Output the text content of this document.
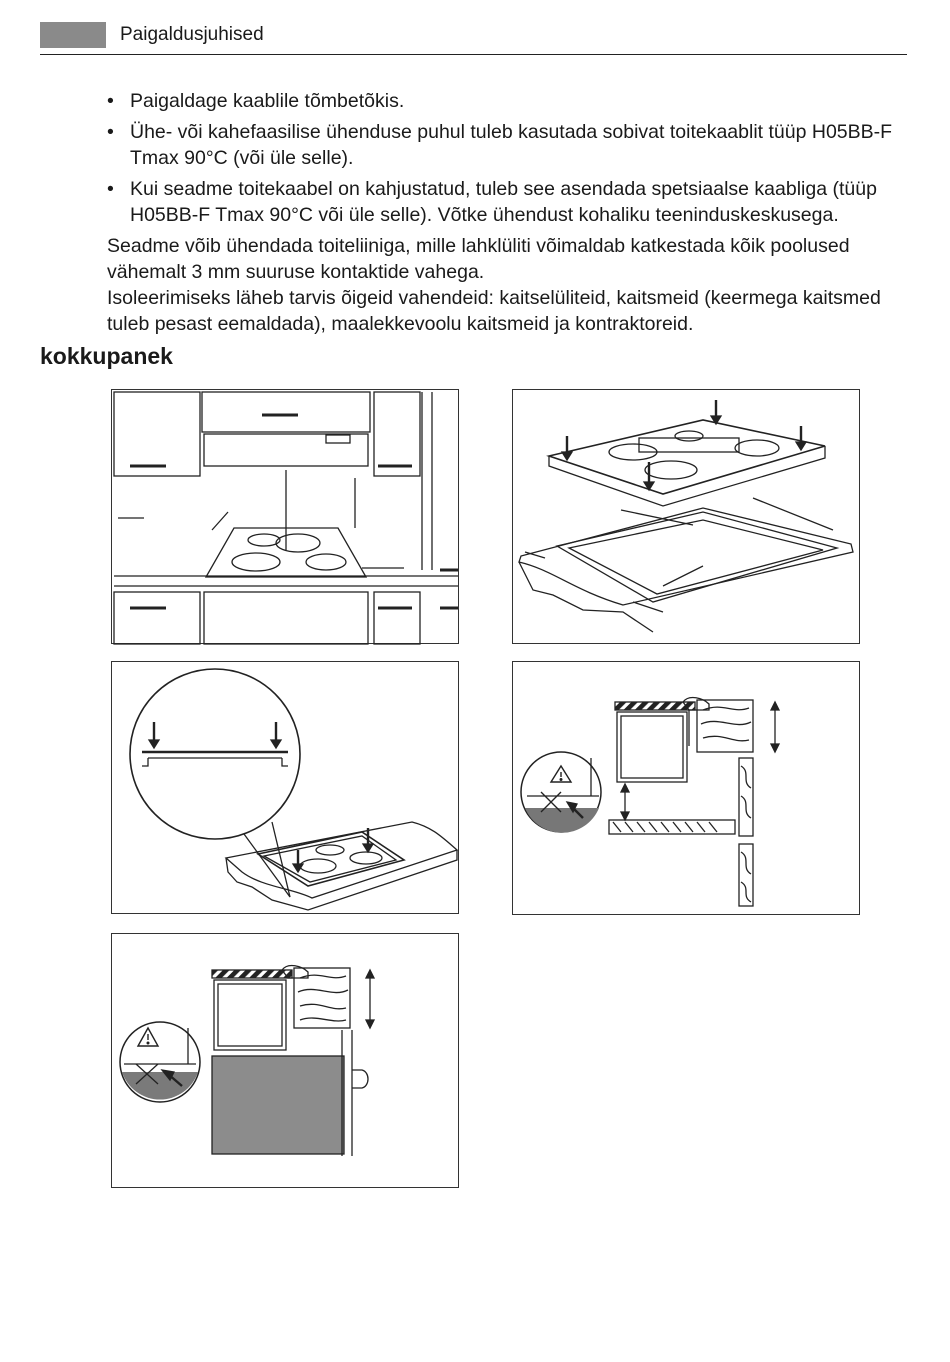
Paigaldusjuhised
• Paigaldage kaablile tõmbetõkis.
• Ühe- või kahefaasilise ühenduse puhul tuleb kasutada sobivat toitekaablit tüüp H05BB-F Tmax 90°C (või üle selle).
• Kui seadme toitekaabel on kahjustatud, tuleb see asendada spetsiaalse kaabliga (tüüp H05BB-F Tmax 90°C või üle selle). Võtke ühendust kohaliku teeninduskeskusega.

Seadme võib ühendada toiteliiniga, mille lahklüliti võimaldab katkestada kõik poolused vähemalt 3 mm suuruse kontaktide vahega.

Isoleerimiseks läheb tarvis õigeid vahendeid: kaitselüliteid, kaitsmeid (keermega kaitsmed tuleb pesast eemaldada), maalekkevoolu kaitsmeid ja kontraktoreid.

kokkupanek
